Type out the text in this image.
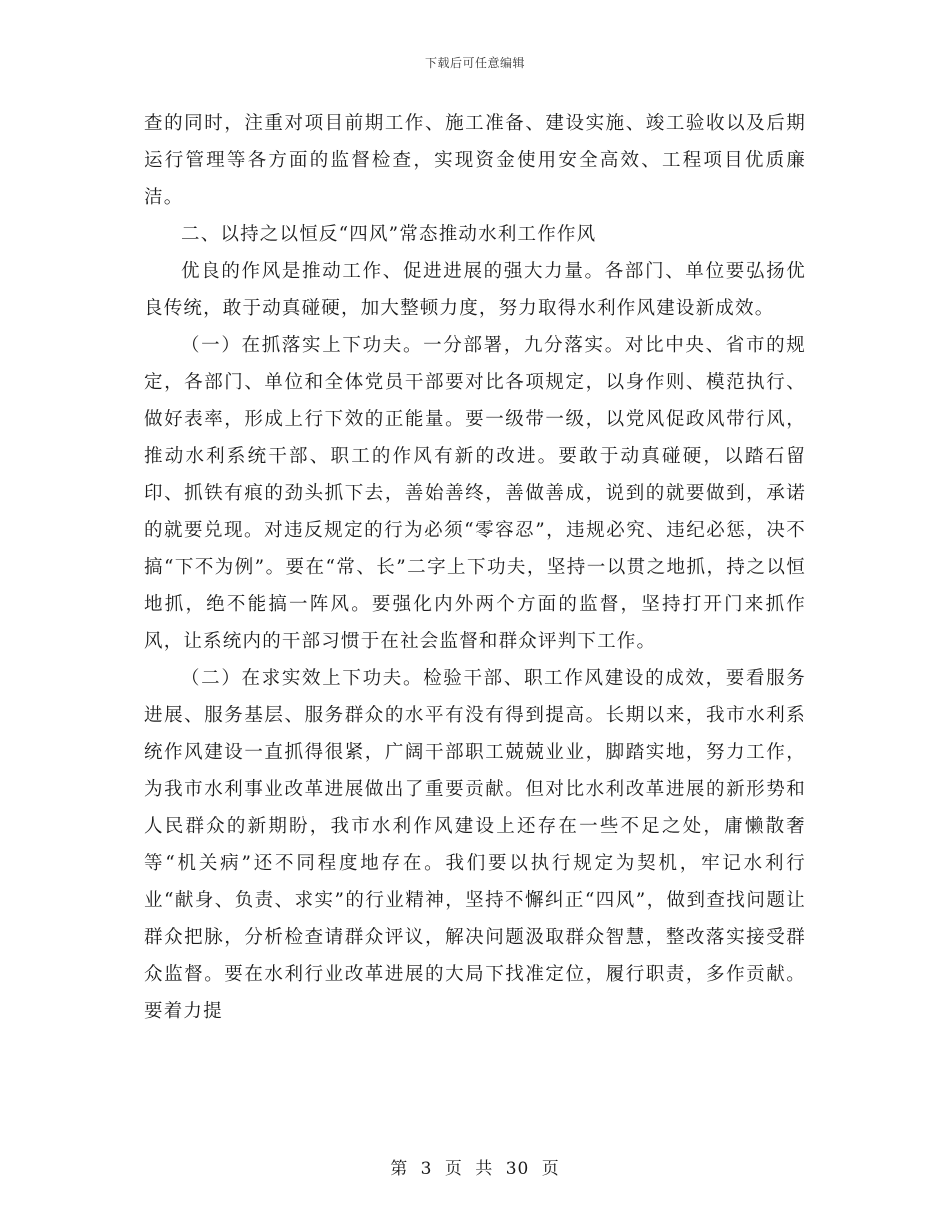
下载后可任意编辑

查的同时，注重对项目前期工作、施工准备、建设实施、竣工验收以及后期运行管理等各方面的监督检查，实现资金使用安全高效、工程项目优质廉洁。

二、以持之以恒反“四风”常态推动水利工作作风

优良的作风是推动工作、促进进展的强大力量。各部门、单位要弘扬优良传统，敢于动真碰硬，加大整顿力度，努力取得水利作风建设新成效。

（一）在抓落实上下功夫。一分部署，九分落实。对比中央、省市的规定，各部门、单位和全体党员干部要对比各项规定，以身作则、模范执行、做好表率，形成上行下效的正能量。要一级带一级，以党风促政风带行风，推动水利系统干部、职工的作风有新的改进。要敢于动真碰硬，以踏石留印、抓铁有痕的劲头抓下去，善始善终，善做善成，说到的就要做到，承诺的就要兑现。对违反规定的行为必须“零容忍”，违规必究、违纪必惩，决不搞“下不为例”。要在“常、长”二字上下功夫，坚持一以贯之地抓，持之以恒地抓，绝不能搞一阵风。要强化内外两个方面的监督，坚持打开门来抓作风，让系统内的干部习惯于在社会监督和群众评判下工作。

（二）在求实效上下功夫。检验干部、职工作风建设的成效，要看服务进展、服务基层、服务群众的水平有没有得到提高。长期以来，我市水利系统作风建设一直抓得很紧，广阔干部职工兢兢业业，脚踏实地，努力工作，为我市水利事业改革进展做出了重要贡献。但对比水利改革进展的新形势和人民群众的新期盼，我市水利作风建设上还存在一些不足之处，庸懒散奢等“机关病”还不同程度地存在。我们要以执行规定为契机，牢记水利行业“献身、负责、求实”的行业精神，坚持不懈纠正“四风”，做到查找问题让群众把脉，分析检查请群众评议，解决问题汲取群众智慧，整改落实接受群众监督。要在水利行业改革进展的大局下找准定位，履行职责，多作贡献。要着力提

第 3 页 共 30 页
